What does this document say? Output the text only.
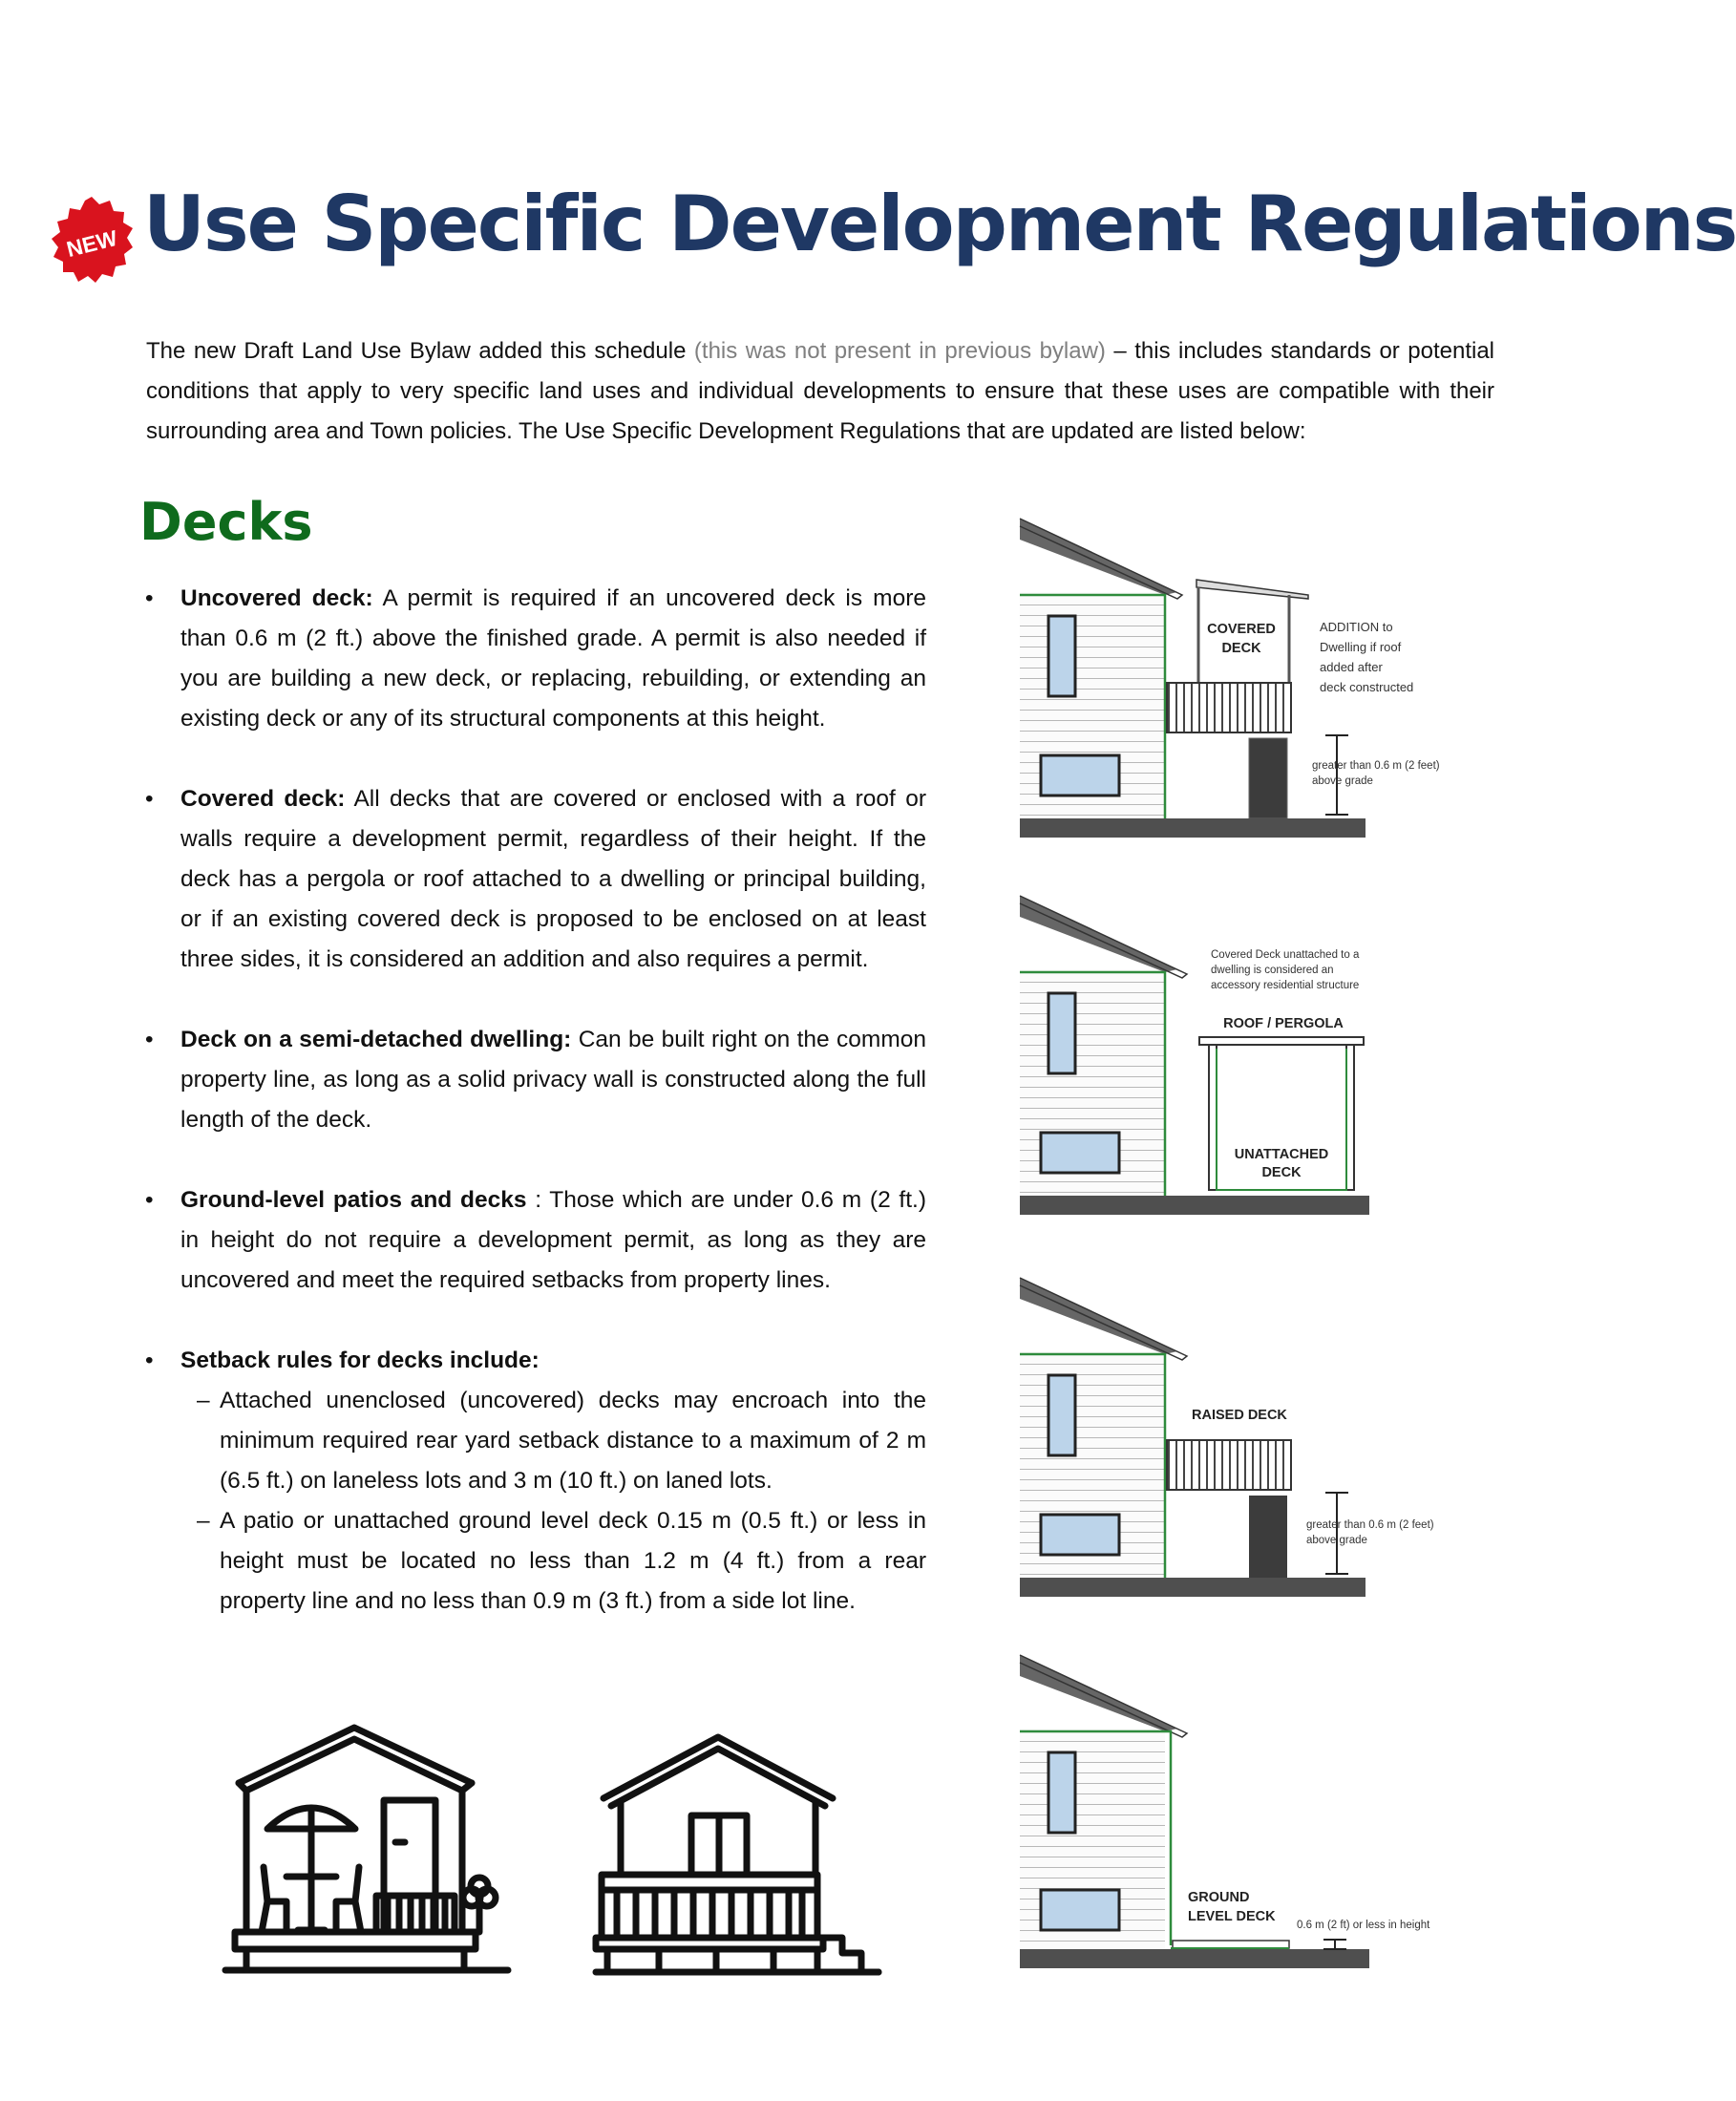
NEW Use Specific Development Regulations

The new Draft Land Use Bylaw added this schedule (this was not present in previous bylaw) – this includes standards or potential conditions that apply to very specific land uses and individual developments to ensure that these uses are compatible with their surrounding area and Town policies. The Use Specific Development Regulations that are updated are listed below:

Decks
• Uncovered deck: A permit is required if an uncovered deck is more than 0.6 m (2 ft.) above the finished grade. A permit is also needed if you are building a new deck, or replacing, rebuilding, or extending an existing deck or any of its structural components at this height.
• Covered deck: All decks that are covered or enclosed with a roof or walls require a development permit, regardless of their height. If the deck has a pergola or roof attached to a dwelling or principal building, or if an existing covered deck is proposed to be enclosed on at least three sides, it is considered an addition and also requires a permit.
• Deck on a semi-detached dwelling: Can be built right on the common property line, as long as a solid privacy wall is constructed along the full length of the deck.
• Ground-level patios and decks : Those which are under 0.6 m (2 ft.) in height do not require a development permit, as long as they are uncovered and meet the required setbacks from property lines.
• Setback rules for decks include:
– Attached unenclosed (uncovered) decks may encroach into the minimum required rear yard setback distance to a maximum of 2 m (6.5 ft.) on laneless lots and 3 m (10 ft.) on laned lots.
– A patio or unattached ground level deck 0.15 m (0.5 ft.) or less in height must be located no less than 1.2 m (4 ft.) from a rear property line and no less than 0.9 m (3 ft.) from a side lot line.
COVERED
DECK
ADDITION to
Dwelling if roof
added after
deck constructed
greater than 0.6 m (2 feet)
above grade
Covered Deck unattached to a
dwelling is considered an
accessory residential structure
ROOF / PERGOLA
UNATTACHED
DECK
RAISED DECK
greater than 0.6 m (2 feet)
above grade
GROUND
LEVEL DECK
0.6 m (2 ft) or less in height
